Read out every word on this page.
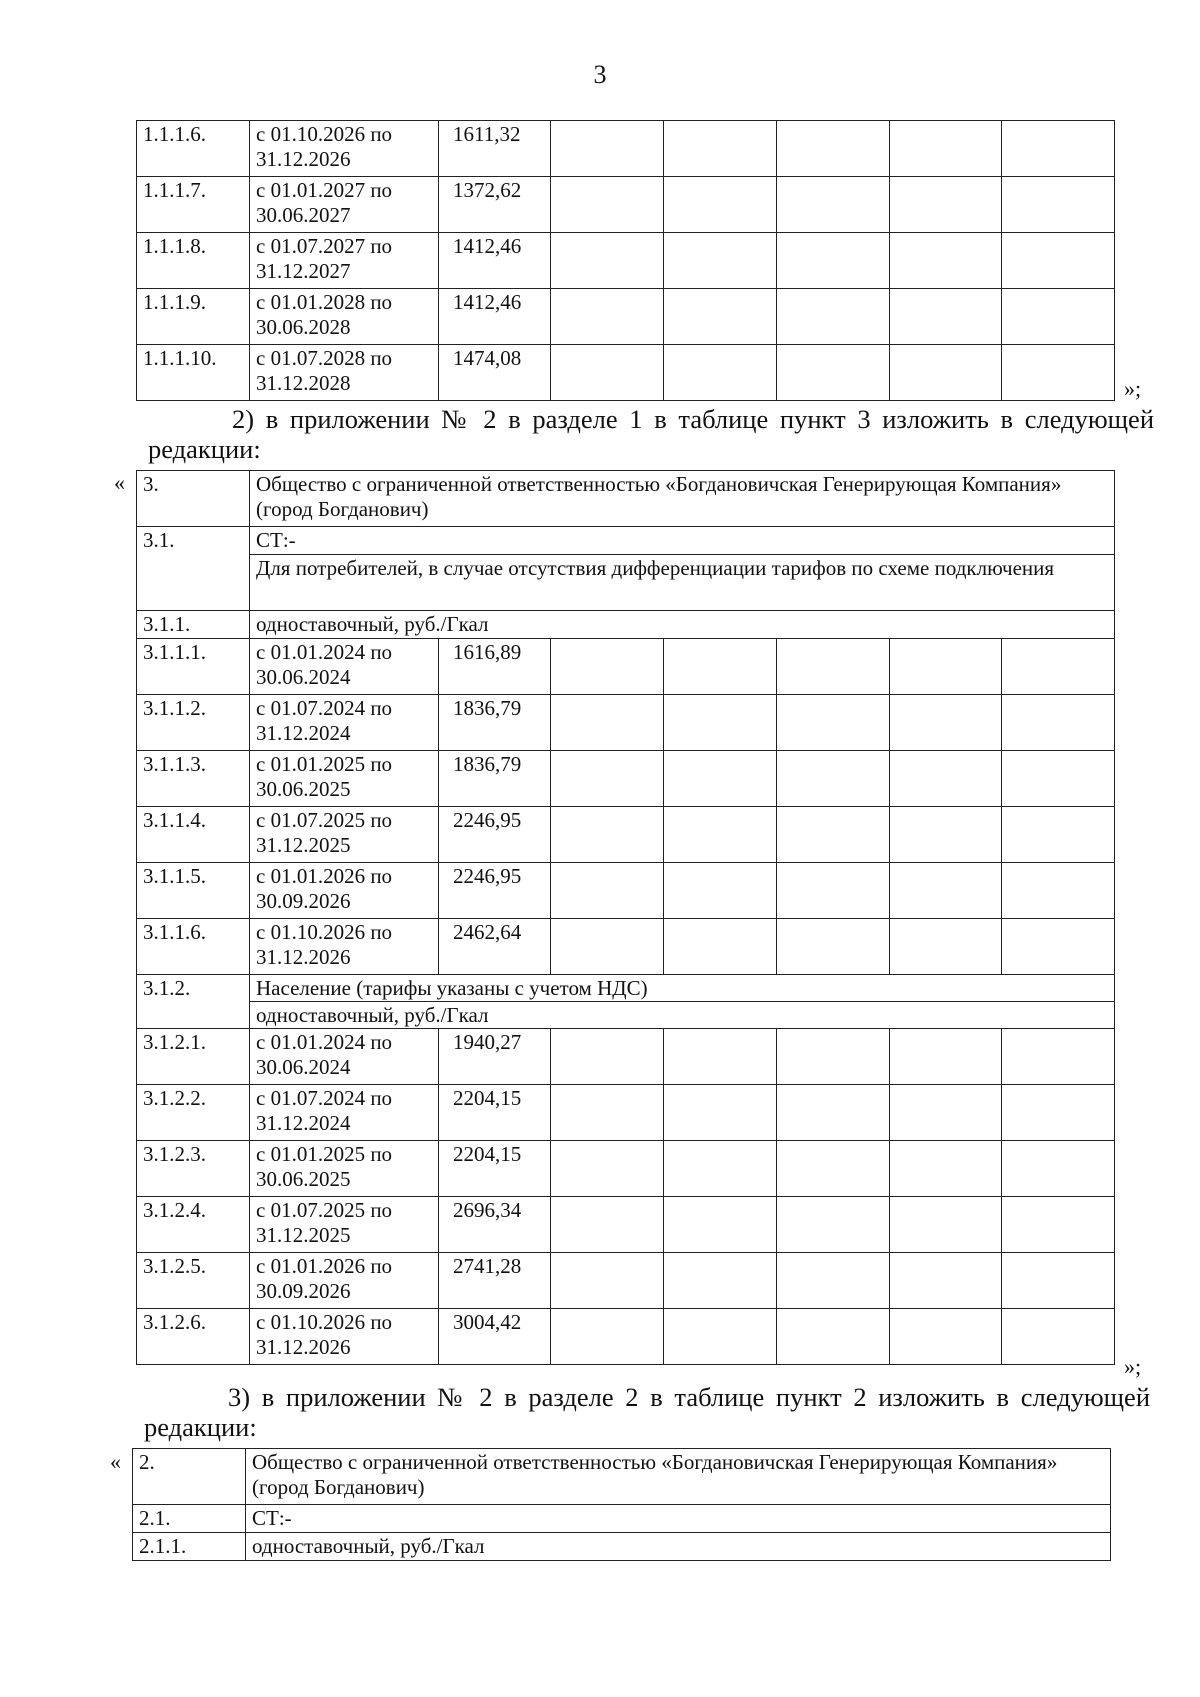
3
1.1.1.6.	с 01.10.2026 по 31.12.2026	1611,32					
1.1.1.7.	с 01.01.2027 по 30.06.2027	1372,62					
1.1.1.8.	с 01.07.2027 по 31.12.2027	1412,46					
1.1.1.9.	с 01.01.2028 по 30.06.2028	1412,46					
1.1.1.10.	с 01.07.2028 по 31.12.2028	1474,08					
»;
2) в приложении № 2 в разделе 1 в таблице пункт 3 изложить в следующей
редакции:
« 3.	Общество с ограниченной ответственностью «Богдановичская Генерирующая Компания» (город Богданович)						
3.1.	СТ:-						
	Для потребителей, в случае отсутствия дифференциации тарифов по схеме подключения						
3.1.1.	одноставочный, руб./Гкал						
3.1.1.1.	с 01.01.2024 по 30.06.2024	1616,89					
3.1.1.2.	с 01.07.2024 по 31.12.2024	1836,79					
3.1.1.3.	с 01.01.2025 по 30.06.2025	1836,79					
3.1.1.4.	с 01.07.2025 по 31.12.2025	2246,95					
3.1.1.5.	с 01.01.2026 по 30.09.2026	2246,95					
3.1.1.6.	с 01.10.2026 по 31.12.2026	2462,64					
3.1.2.	Население (тарифы указаны с учетом НДС)						
	одноставочный, руб./Гкал						
3.1.2.1.	с 01.01.2024 по 30.06.2024	1940,27					
3.1.2.2.	с 01.07.2024 по 31.12.2024	2204,15					
3.1.2.3.	с 01.01.2025 по 30.06.2025	2204,15					
3.1.2.4.	с 01.07.2025 по 31.12.2025	2696,34					
3.1.2.5.	с 01.01.2026 по 30.09.2026	2741,28					
3.1.2.6.	с 01.10.2026 по 31.12.2026	3004,42					
»;
3) в приложении № 2 в разделе 2 в таблице пункт 2 изложить в следующей
редакции:
« 2.	Общество с ограниченной ответственностью «Богдановичская Генерирующая Компания» (город Богданович)
2.1.	СТ:-
2.1.1.	одноставочный, руб./Гкал
